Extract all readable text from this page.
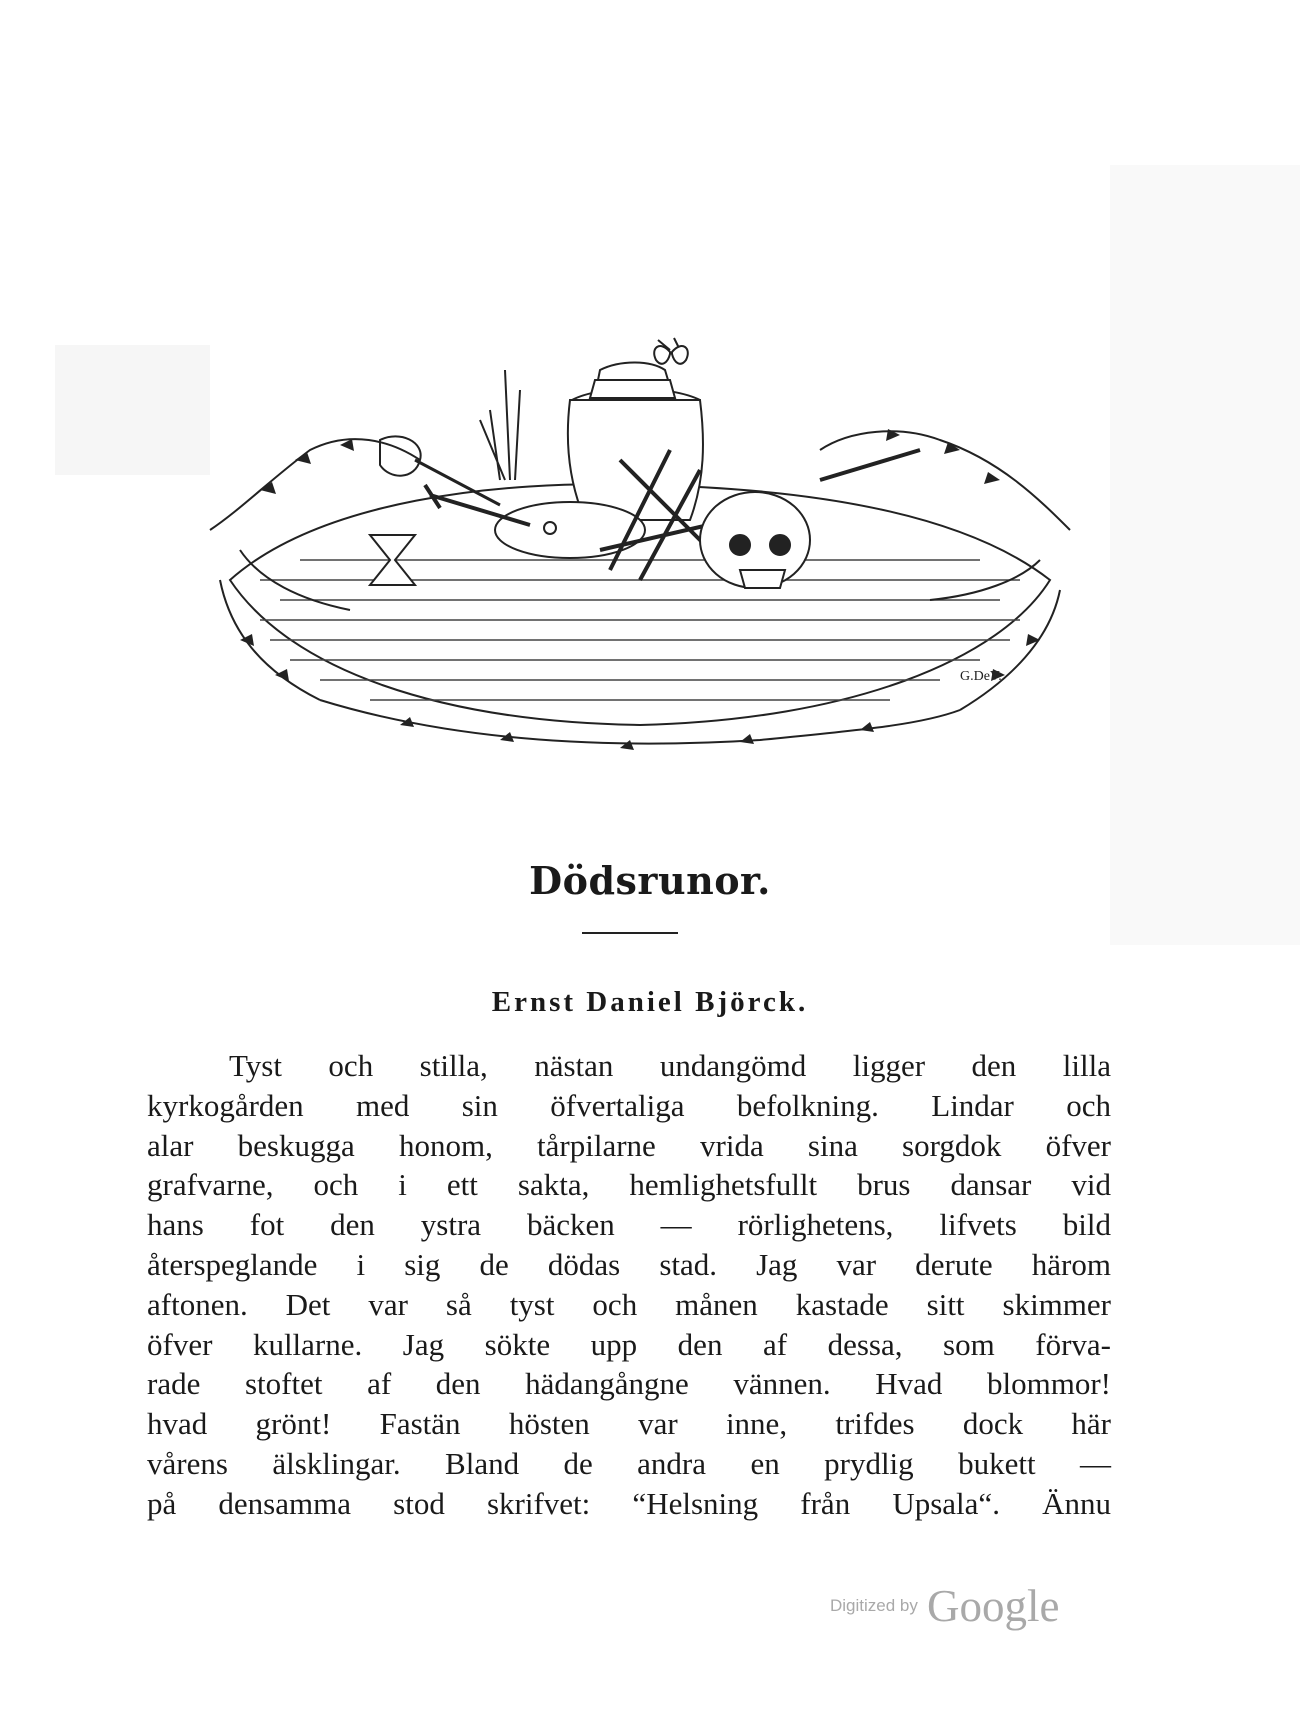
G.DeV.
Dödsrunor.
Ernst Daniel Björck.
Tyst och stilla, nästan undangömd ligger den lilla
kyrkogården med sin öfvertaliga befolkning. Lindar och
alar beskugga honom, tårpilarne vrida sina sorgdok öfver
grafvarne, och i ett sakta, hemlighetsfullt brus dansar vid
hans fot den ystra bäcken — rörlighetens, lifvets bild
återspeglande i sig de dödas stad. Jag var derute härom
aftonen. Det var så tyst och månen kastade sitt skimmer
öfver kullarne. Jag sökte upp den af dessa, som förva-
rade stoftet af den hädangångne vännen. Hvad blommor!
hvad grönt! Fastän hösten var inne, trifdes dock här
vårens älsklingar. Bland de andra en prydlig bukett —
på densamma stod skrifvet: “Helsning från Upsala“. Ännu
Digitized by Google
